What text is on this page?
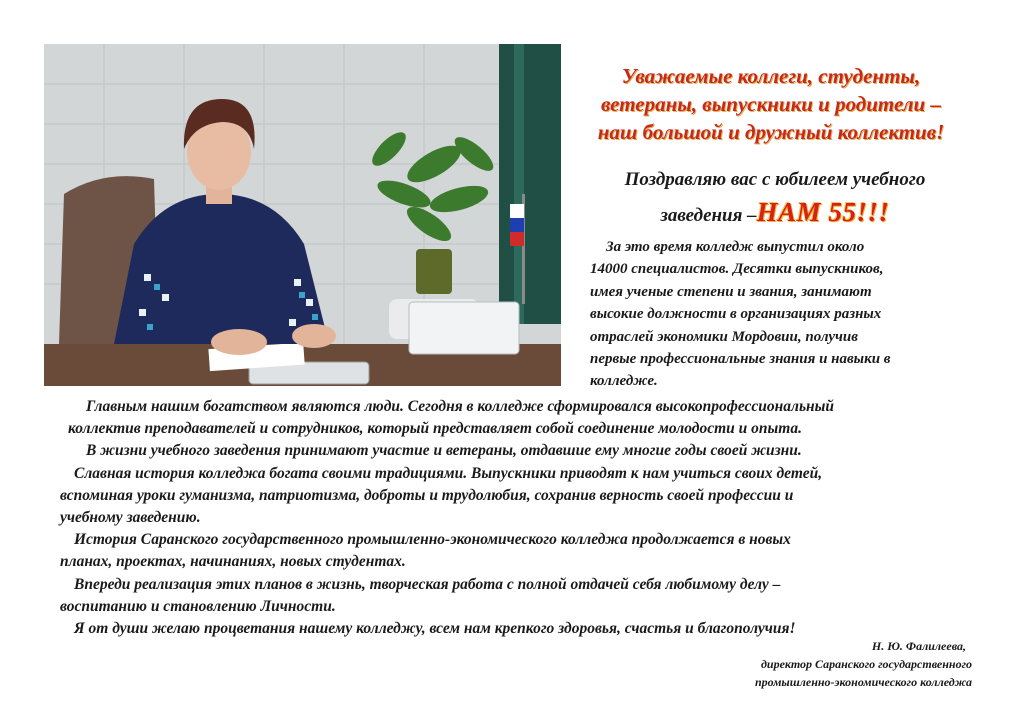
Уважаемые коллеги, студенты,
ветераны, выпускники и родители –
наш большой и дружный коллектив!
Поздравляю вас с юбилеем учебного
заведения –НАМ 55!!!
За это время колледж выпустил около
14000 специалистов. Десятки выпускников,
имея ученые степени и звания, занимают
высокие должности в организациях разных
отраслей экономики Мордовии, получив
первые профессиональные знания и навыки в
колледже.
Главным нашим богатством являются люди. Сегодня в колледже сформировался высокопрофессиональный
коллектив преподавателей и сотрудников, который представляет собой соединение молодости и опыта.
В жизни учебного заведения принимают участие и ветераны, отдавшие ему многие годы своей жизни.
Славная история колледжа богата своими традициями. Выпускники приводят к нам учиться своих детей,
вспоминая уроки гуманизма, патриотизма, доброты и трудолюбия, сохранив верность своей профессии и
учебному заведению.
История Саранского государственного промышленно-экономического колледжа продолжается в новых
планах, проектах, начинаниях, новых студентах.
Впереди реализация этих планов в жизнь, творческая работа с полной отдачей себя любимому делу –
воспитанию и становлению Личности.
Я от души желаю процветания нашему колледжу, всем нам крепкого здоровья, счастья и благополучия!
Н. Ю. Фалилеева,
директор Саранского государственного
промышленно-экономического колледжа
